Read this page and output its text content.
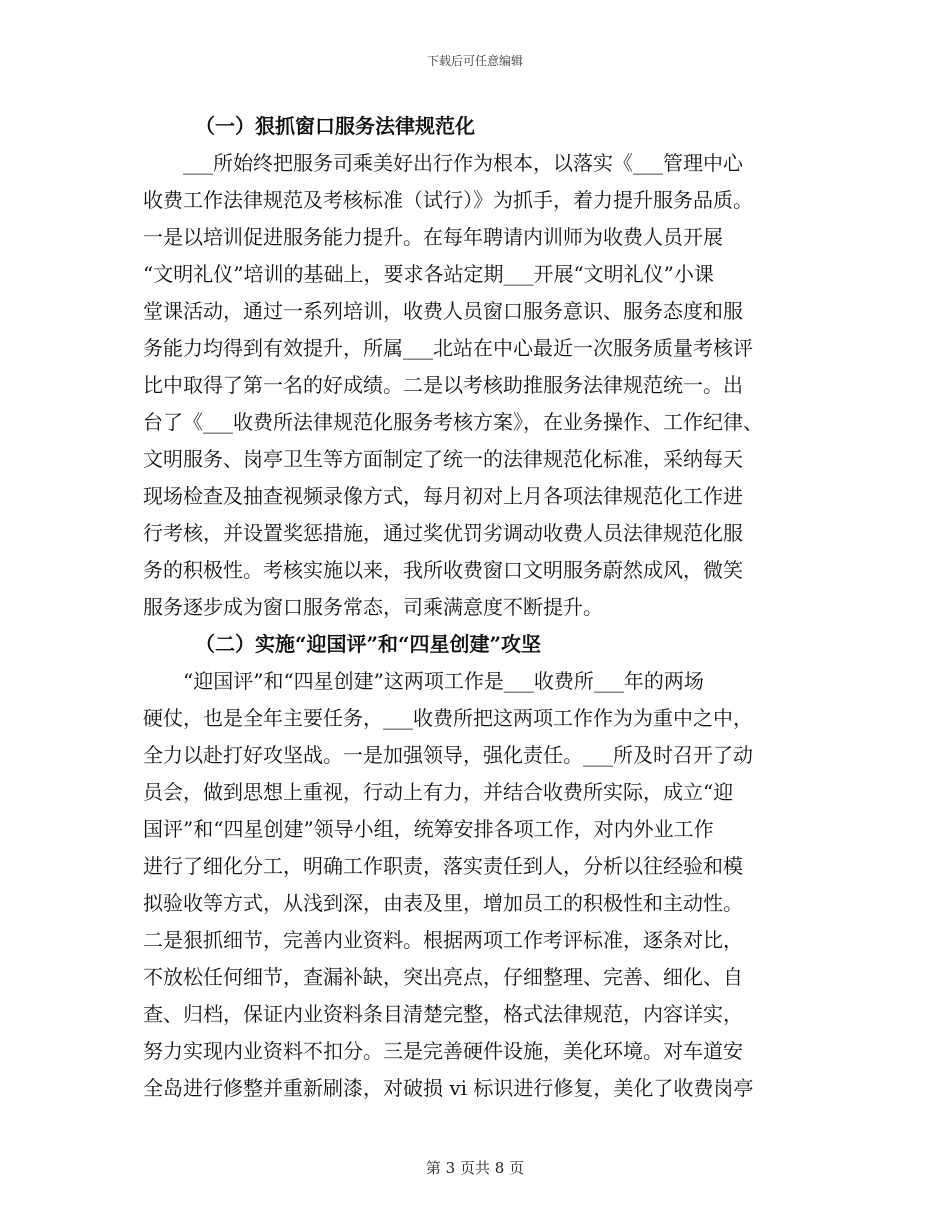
下载后可任意编辑
（一）狠抓窗口服务法律规范化
___所始终把服务司乘美好出行作为根本，以落实《___管理中心
收费工作法律规范及考核标准（试行）》为抓手，着力提升服务品质。
一是以培训促进服务能力提升。在每年聘请内训师为收费人员开展
“文明礼仪”培训的基础上，要求各站定期___开展“文明礼仪”小课
堂课活动，通过一系列培训，收费人员窗口服务意识、服务态度和服
务能力均得到有效提升，所属___北站在中心最近一次服务质量考核评
比中取得了第一名的好成绩。二是以考核助推服务法律规范统一。出
台了《___收费所法律规范化服务考核方案》，在业务操作、工作纪律、
文明服务、岗亭卫生等方面制定了统一的法律规范化标准，采纳每天
现场检查及抽查视频录像方式，每月初对上月各项法律规范化工作进
行考核，并设置奖惩措施，通过奖优罚劣调动收费人员法律规范化服
务的积极性。考核实施以来，我所收费窗口文明服务蔚然成风，微笑
服务逐步成为窗口服务常态，司乘满意度不断提升。
（二）实施“迎国评”和“四星创建”攻坚
“迎国评”和“四星创建”这两项工作是___收费所___年的两场
硬仗，也是全年主要任务，___收费所把这两项工作作为为重中之中，
全力以赴打好攻坚战。一是加强领导，强化责任。___所及时召开了动
员会，做到思想上重视，行动上有力，并结合收费所实际，成立“迎
国评”和“四星创建”领导小组，统筹安排各项工作，对内外业工作
进行了细化分工，明确工作职责，落实责任到人，分析以往经验和模
拟验收等方式，从浅到深，由表及里，增加员工的积极性和主动性。
二是狠抓细节，完善内业资料。根据两项工作考评标准，逐条对比，
不放松任何细节，查漏补缺，突出亮点，仔细整理、完善、细化、自
查、归档，保证内业资料条目清楚完整，格式法律规范，内容详实，
努力实现内业资料不扣分。三是完善硬件设施，美化环境。对车道安
全岛进行修整并重新刷漆，对破损 vi 标识进行修复，美化了收费岗亭
第 3 页共 8 页
